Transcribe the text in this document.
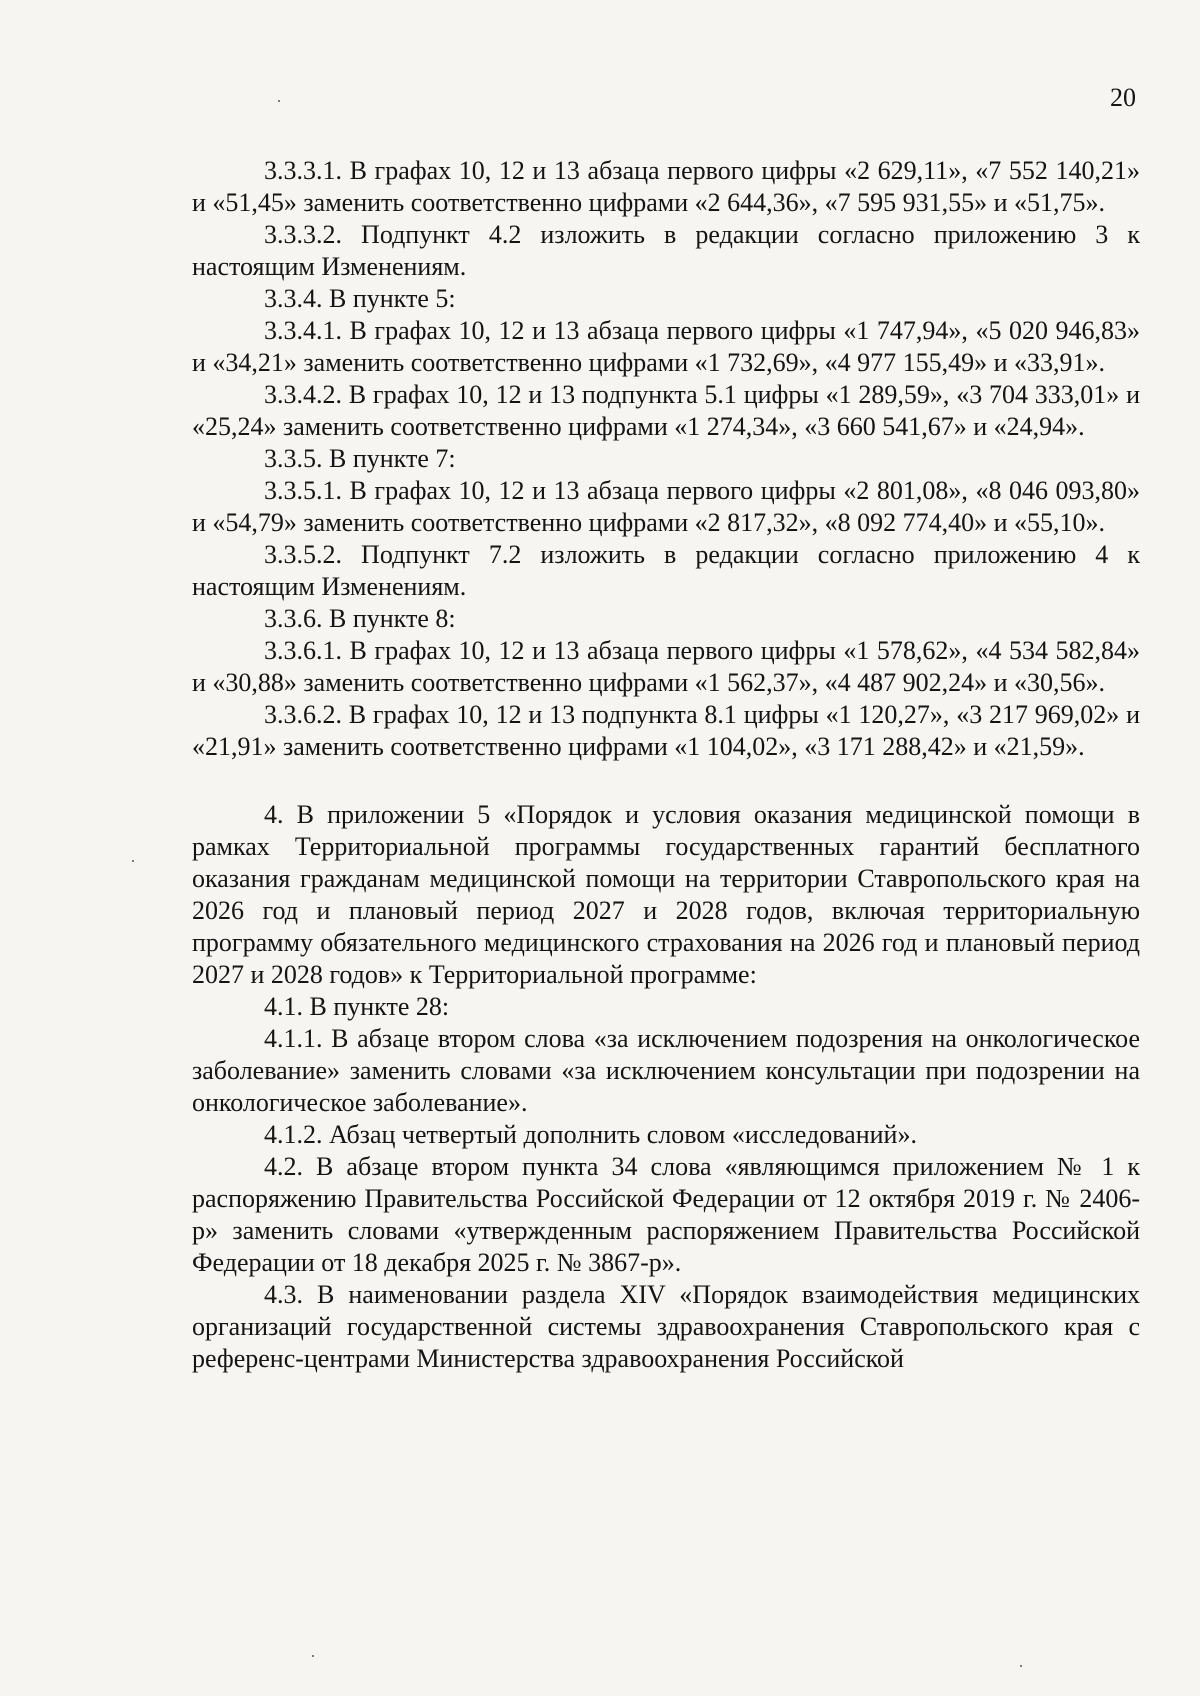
20

3.3.3.1. В графах 10, 12 и 13 абзаца первого цифры «2 629,11», «7 552 140,21» и «51,45» заменить соответственно цифрами «2 644,36», «7 595 931,55» и «51,75».

3.3.3.2. Подпункт 4.2 изложить в редакции согласно приложению 3 к настоящим Изменениям.

3.3.4. В пункте 5:

3.3.4.1. В графах 10, 12 и 13 абзаца первого цифры «1 747,94», «5 020 946,83» и «34,21» заменить соответственно цифрами «1 732,69», «4 977 155,49» и «33,91».

3.3.4.2. В графах 10, 12 и 13 подпункта 5.1 цифры «1 289,59», «3 704 333,01» и «25,24» заменить соответственно цифрами «1 274,34», «3 660 541,67» и «24,94».

3.3.5. В пункте 7:

3.3.5.1. В графах 10, 12 и 13 абзаца первого цифры «2 801,08», «8 046 093,80» и «54,79» заменить соответственно цифрами «2 817,32», «8 092 774,40» и «55,10».

3.3.5.2. Подпункт 7.2 изложить в редакции согласно приложению 4 к настоящим Изменениям.

3.3.6. В пункте 8:

3.3.6.1. В графах 10, 12 и 13 абзаца первого цифры «1 578,62», «4 534 582,84» и «30,88» заменить соответственно цифрами «1 562,37», «4 487 902,24» и «30,56».

3.3.6.2. В графах 10, 12 и 13 подпункта 8.1 цифры «1 120,27», «3 217 969,02» и «21,91» заменить соответственно цифрами «1 104,02», «3 171 288,42» и «21,59».

4. В приложении 5 «Порядок и условия оказания медицинской помощи в рамках Территориальной программы государственных гарантий бесплатного оказания гражданам медицинской помощи на территории Ставропольского края на 2026 год и плановый период 2027 и 2028 годов, включая территориальную программу обязательного медицинского страхования на 2026 год и плановый период 2027 и 2028 годов» к Территориальной программе:

4.1. В пункте 28:

4.1.1. В абзаце втором слова «за исключением подозрения на онкологическое заболевание» заменить словами «за исключением консультации при подозрении на онкологическое заболевание».

4.1.2. Абзац четвертый дополнить словом «исследований».

4.2. В абзаце втором пункта 34 слова «являющимся приложением № 1 к распоряжению Правительства Российской Федерации от 12 октября 2019 г. № 2406-р» заменить словами «утвержденным распоряжением Правительства Российской Федерации от 18 декабря 2025 г. № 3867-р».

4.3. В наименовании раздела XIV «Порядок взаимодействия медицинских организаций государственной системы здравоохранения Ставропольского края с референс-центрами Министерства здравоохранения Российской
